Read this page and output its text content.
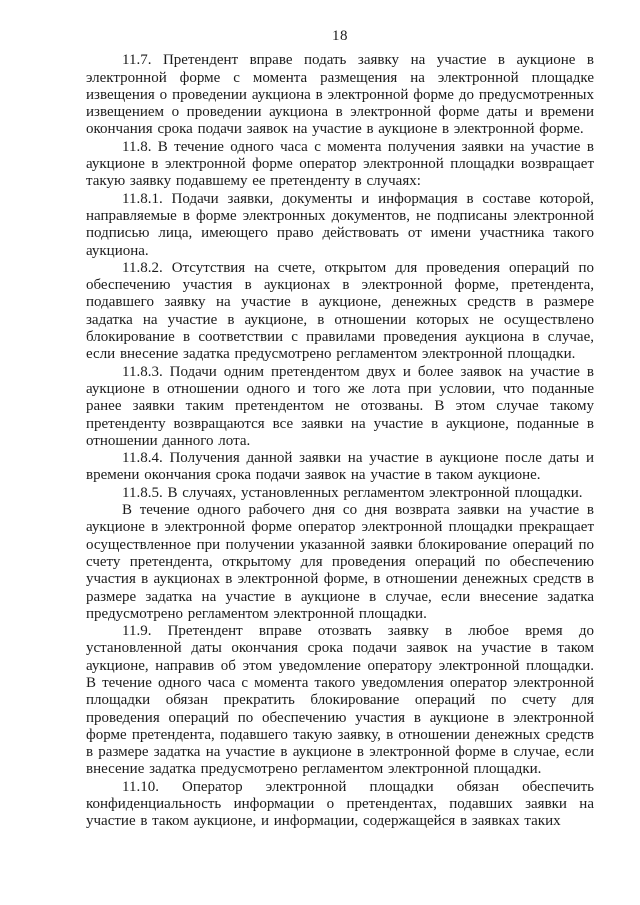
18

11.7. Претендент вправе подать заявку на участие в аукционе в электронной форме с момента размещения на электронной площадке извещения о проведении аукциона в электронной форме до предусмотренных извещением о проведении аукциона в электронной форме даты и времени окончания срока подачи заявок на участие в аукционе в электронной форме.

11.8. В течение одного часа с момента получения заявки на участие в аукционе в электронной форме оператор электронной площадки возвращает такую заявку подавшему ее претенденту в случаях:

11.8.1. Подачи заявки, документы и информация в составе которой, направляемые в форме электронных документов, не подписаны электронной подписью лица, имеющего право действовать от имени участника такого аукциона.

11.8.2. Отсутствия на счете, открытом для проведения операций по обеспечению участия в аукционах в электронной форме, претендента, подавшего заявку на участие в аукционе, денежных средств в размере задатка на участие в аукционе, в отношении которых не осуществлено блокирование в соответствии с правилами проведения аукциона в случае, если внесение задатка предусмотрено регламентом электронной площадки.

11.8.3. Подачи одним претендентом двух и более заявок на участие в аукционе в отношении одного и того же лота при условии, что поданные ранее заявки таким претендентом не отозваны. В этом случае такому претенденту возвращаются все заявки на участие в аукционе, поданные в отношении данного лота.

11.8.4. Получения данной заявки на участие в аукционе после даты и времени окончания срока подачи заявок на участие в таком аукционе.

11.8.5. В случаях, установленных регламентом электронной площадки.

В течение одного рабочего дня со дня возврата заявки на участие в аукционе в электронной форме оператор электронной площадки прекращает осуществленное при получении указанной заявки блокирование операций по счету претендента, открытому для проведения операций по обеспечению участия в аукционах в электронной форме, в отношении денежных средств в размере задатка на участие в аукционе в случае, если внесение задатка предусмотрено регламентом электронной площадки.

11.9. Претендент вправе отозвать заявку в любое время до установленной даты окончания срока подачи заявок на участие в таком аукционе, направив об этом уведомление оператору электронной площадки. В течение одного часа с момента такого уведомления оператор электронной площадки обязан прекратить блокирование операций по счету для проведения операций по обеспечению участия в аукционе в электронной форме претендента, подавшего такую заявку, в отношении денежных средств в размере задатка на участие в аукционе в электронной форме в случае, если внесение задатка предусмотрено регламентом электронной площадки.

11.10. Оператор электронной площадки обязан обеспечить конфиденциальность информации о претендентах, подавших заявки на участие в таком аукционе, и информации, содержащейся в заявках таких
